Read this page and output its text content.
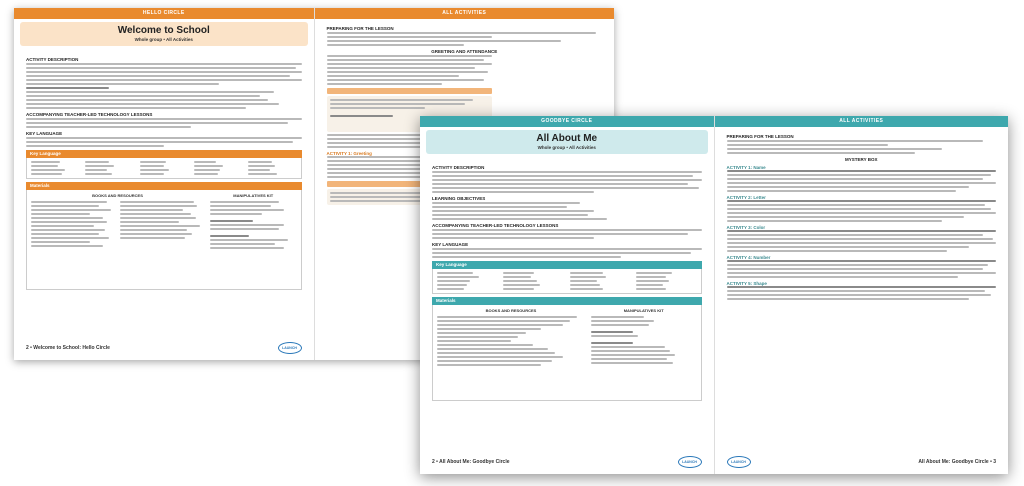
HELLO CIRCLE
Welcome to School
Whole group • All Activities
ACTIVITY DESCRIPTION
ACCOMPANYING TEACHER-LED TECHNOLOGY LESSONS
KEY LANGUAGE
Key Language
Materials
BOOKS AND RESOURCES	MANIPULATIVES KIT
2 • Welcome to School: Hello Circle	LAUNCH
ALL ACTIVITIES
PREPARING FOR THE LESSON
GREETING AND ATTENDANCE
ACTIVITY 1: Greeting
GOODBYE CIRCLE
All About Me
Whole group • All Activities
ACTIVITY DESCRIPTION
LEARNING OBJECTIVES
ACCOMPANYING TEACHER-LED TECHNOLOGY LESSONS
KEY LANGUAGE
Key Language
Materials
BOOKS AND RESOURCES	MANIPULATIVES KIT
2 • All About Me: Goodbye Circle	LAUNCH
ALL ACTIVITIES
PREPARING FOR THE LESSON
MYSTERY BOX
ACTIVITY 1: Name
ACTIVITY 2: Letter
ACTIVITY 3: Color
ACTIVITY 4: Number
ACTIVITY 5: Shape
LAUNCH	All About Me: Goodbye Circle • 3
